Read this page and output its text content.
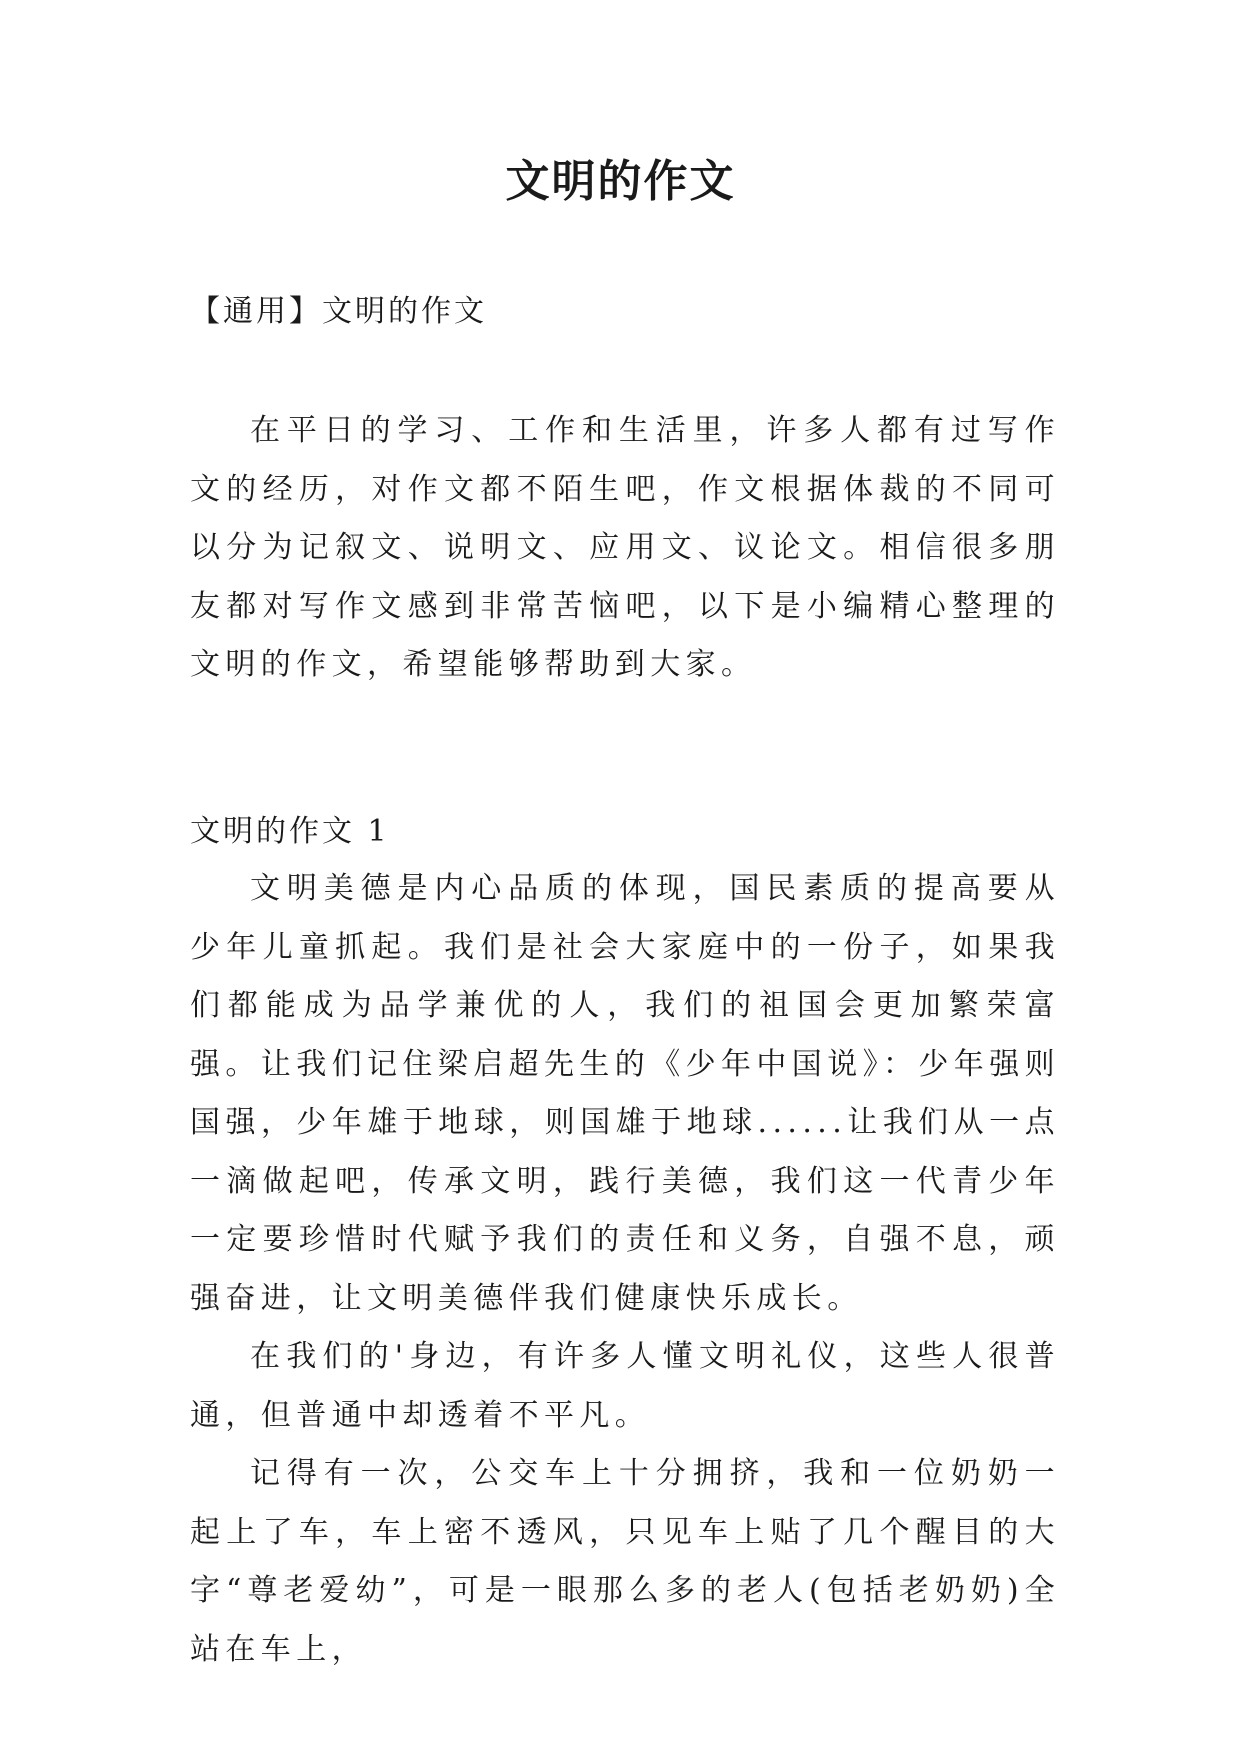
文明的作文

【通用】文明的作文

在平日的学习、工作和生活里，许多人都有过写作文的经历，对作文都不陌生吧，作文根据体裁的不同可以分为记叙文、说明文、应用文、议论文。相信很多朋友都对写作文感到非常苦恼吧，以下是小编精心整理的文明的作文，希望能够帮助到大家。

文明的作文 1

文明美德是内心品质的体现，国民素质的提高要从少年儿童抓起。我们是社会大家庭中的一份子，如果我们都能成为品学兼优的人，我们的祖国会更加繁荣富强。让我们记住梁启超先生的《少年中国说》：少年强则国强，少年雄于地球，则国雄于地球......让我们从一点一滴做起吧，传承文明，践行美德，我们这一代青少年一定要珍惜时代赋予我们的责任和义务，自强不息，顽强奋进，让文明美德伴我们健康快乐成长。

在我们的'身边，有许多人懂文明礼仪，这些人很普通，但普通中却透着不平凡。

记得有一次，公交车上十分拥挤，我和一位奶奶一起上了车，车上密不透风，只见车上贴了几个醒目的大字“尊老爱幼”，可是一眼那么多的老人(包括老奶奶)全站在车上，
